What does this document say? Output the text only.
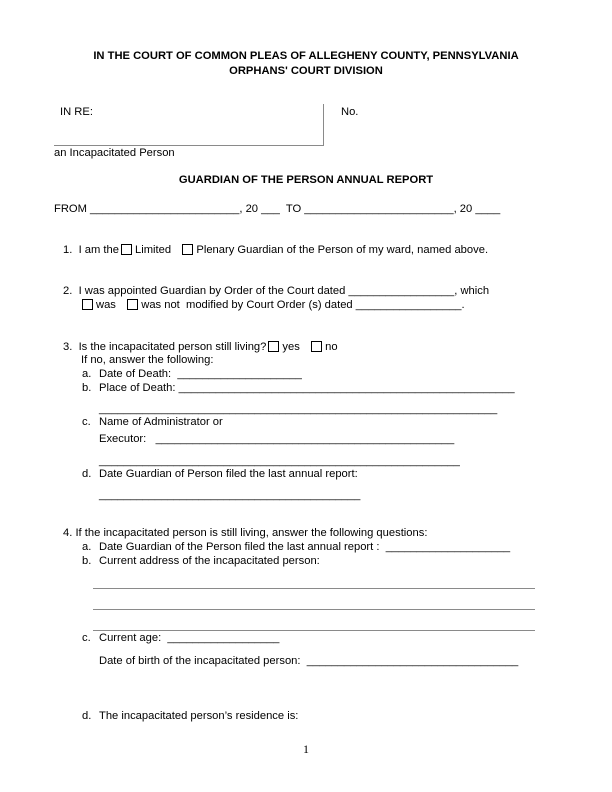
IN THE COURT OF COMMON PLEAS OF ALLEGHENY COUNTY, PENNSYLVANIA
ORPHANS' COURT DIVISION
IN RE:	No.
an Incapacitated Person
GUARDIAN OF THE PERSON ANNUAL REPORT
FROM ________________________, 20 ___  TO ________________________, 20 ____
1. I am the Limited Plenary Guardian of the Person of my ward, named above.
2. I was appointed Guardian by Order of the Court dated _________________, which
was was not  modified by Court Order (s) dated _________________.
3. Is the incapacitated person still living? yes no
If no, answer the following:
a. Date of Death:  ____________________
b. Place of Death: ______________________________________________________
________________________________________________________________
c. Name of Administrator or
Executor:   ________________________________________________
__________________________________________________________
d. Date Guardian of Person filed the last annual report:
__________________________________________
4. If the incapacitated person is still living, answer the following questions:
a. Date Guardian of the Person filed the last annual report :  ____________________
b. Current address of the incapacitated person:
c. Current age:  __________________
Date of birth of the incapacitated person:  __________________________________
d. The incapacitated person’s residence is:
1
